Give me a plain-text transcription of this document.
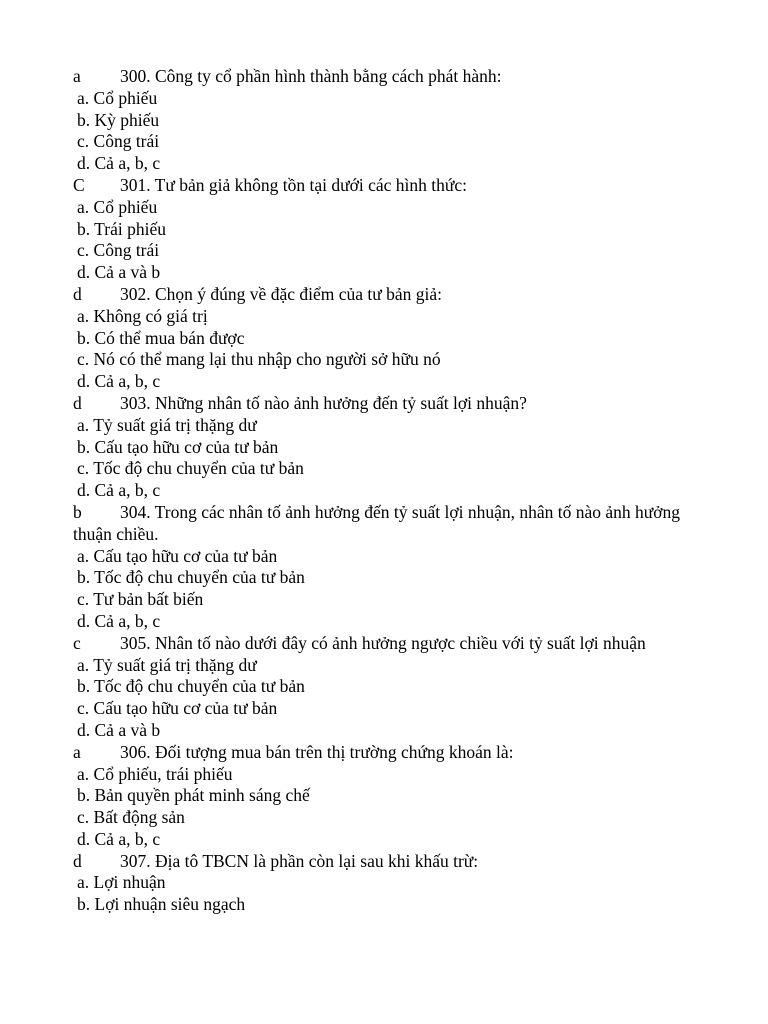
a	300. Công ty cổ phần hình thành bằng cách phát hành:
a. Cổ phiếu
b. Kỳ phiếu
c. Công trái
d. Cả a, b, c
C	301. Tư bản giả không tồn tại dưới các hình thức:
a. Cổ phiếu
b. Trái phiếu
c. Công trái
d. Cả a và b
d	302. Chọn ý đúng về đặc điểm của tư bản giả:
a. Không có giá trị
b. Có thể mua bán được
c. Nó có thể mang lại thu nhập cho người sở hữu nó
d. Cả a, b, c
d	303. Những nhân tố nào ảnh hưởng đến tỷ suất lợi nhuận?
a. Tỷ suất giá trị thặng dư
b. Cấu tạo hữu cơ của tư bản
c. Tốc độ chu chuyển của tư bản
d. Cả a, b, c
b	304. Trong các nhân tố ảnh hưởng đến tỷ suất lợi nhuận, nhân tố nào ảnh hưởng thuận chiều.
a. Cấu tạo hữu cơ của tư bản
b. Tốc độ chu chuyển của tư bản
c. Tư bản bất biến
d. Cả a, b, c
c	305. Nhân tố nào dưới đây có ảnh hưởng ngược chiều với tỷ suất lợi nhuận
a. Tỷ suất giá trị thặng dư
b. Tốc độ chu chuyển của tư bản
c. Cấu tạo hữu cơ của tư bản
d. Cả a và b
a	306. Đối tượng mua bán trên thị trường chứng khoán là:
a. Cổ phiếu, trái phiếu
b. Bản quyền phát minh sáng chế
c. Bất động sản
d. Cả a, b, c
d	307. Địa tô TBCN là phần còn lại sau khi khấu trừ:
a. Lợi nhuận
b. Lợi nhuận siêu ngạch
